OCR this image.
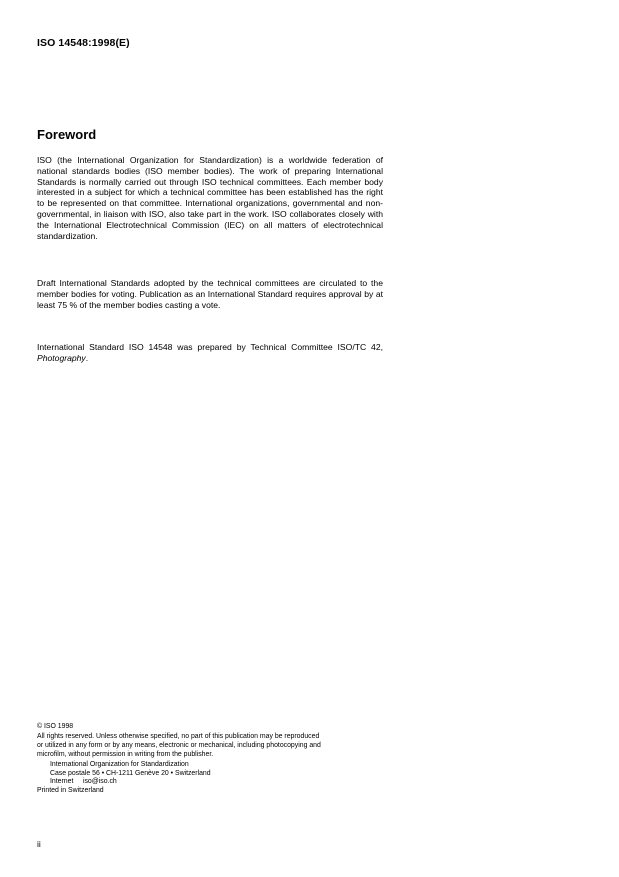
ISO 14548:1998(E)
Foreword

ISO (the International Organization for Standardization) is a worldwide federation of national standards bodies (ISO member bodies). The work of preparing International Standards is normally carried out through ISO technical committees. Each member body interested in a subject for which a technical committee has been established has the right to be represented on that committee. International organizations, governmental and non-governmental, in liaison with ISO, also take part in the work. ISO collaborates closely with the International Electrotechnical Commission (IEC) on all matters of electrotechnical standardization.

Draft International Standards adopted by the technical committees are circulated to the member bodies for voting. Publication as an International Standard requires approval by at least 75 % of the member bodies casting a vote.

International Standard ISO 14548 was prepared by Technical Committee ISO/TC 42, Photography.

© ISO 1998
All rights reserved. Unless otherwise specified, no part of this publication may be reproduced
or utilized in any form or by any means, electronic or mechanical, including photocopying and
microfilm, without permission in writing from the publisher.
International Organization for Standardization
Case postale 56 • CH-1211 Genève 20 • Switzerland
Internet     iso@iso.ch
Printed in Switzerland
ii
